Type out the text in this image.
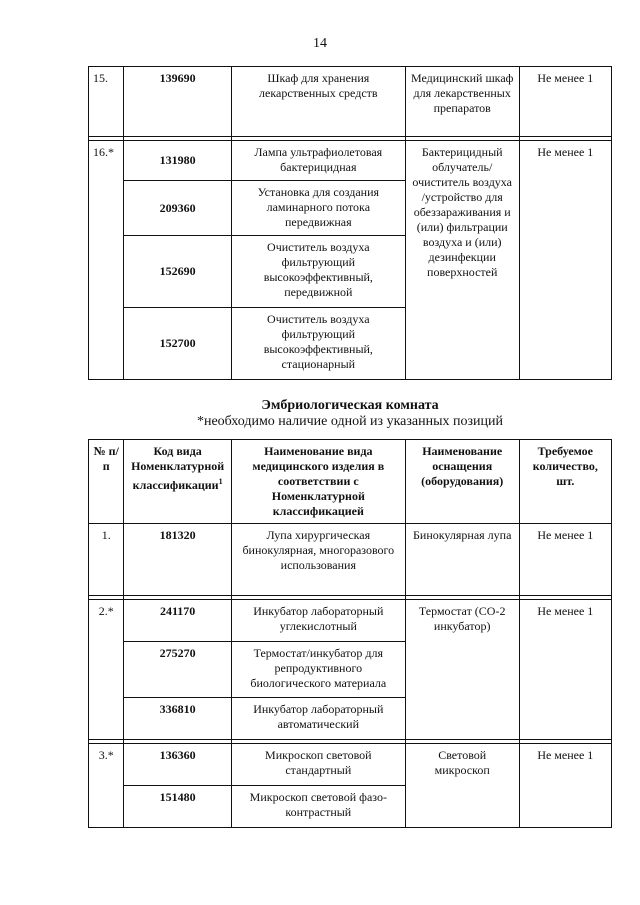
14
15.	139690	Шкаф для хранения лекарственных средств	Медицинский шкаф для лекарственных препаратов	Не менее 1

16.*	131980	Лампа ультрафиолетовая бактерицидная	Бактерицидный облучатель/ очиститель воздуха /устройство для обеззараживания и (или) фильтрации воздуха и (или) дезинфекции поверхностей	Не менее 1
	209360	Установка для создания ламинарного потока передвижная		
	152690	Очиститель воздуха фильтрующий высокоэффективный, передвижной		
	152700	Очиститель воздуха фильтрующий высокоэффективный, стационарный		
Эмбриологическая комната
*необходимо наличие одной из указанных позиций
№ п/п	Код вида Номенклатурной классификации$^1$	Наименование вида медицинского изделия в соответствии с Номенклатурной классификацией	Наименование оснащения (оборудования)	Требуемое количество, шт.
1.	181320	Лупа хирургическая бинокулярная, многоразового использования	Бинокулярная лупа	Не менее 1

2.*	241170	Инкубатор лабораторный углекислотный	Термостат (СО-2 инкубатор)	Не менее 1
	275270	Термостат/инкубатор для репродуктивного биологического материала		
	336810	Инкубатор лабораторный автоматический		

3.*	136360	Микроскоп световой стандартный	Световой микроскоп	Не менее 1
	151480	Микроскоп световой фазо-контрастный		
